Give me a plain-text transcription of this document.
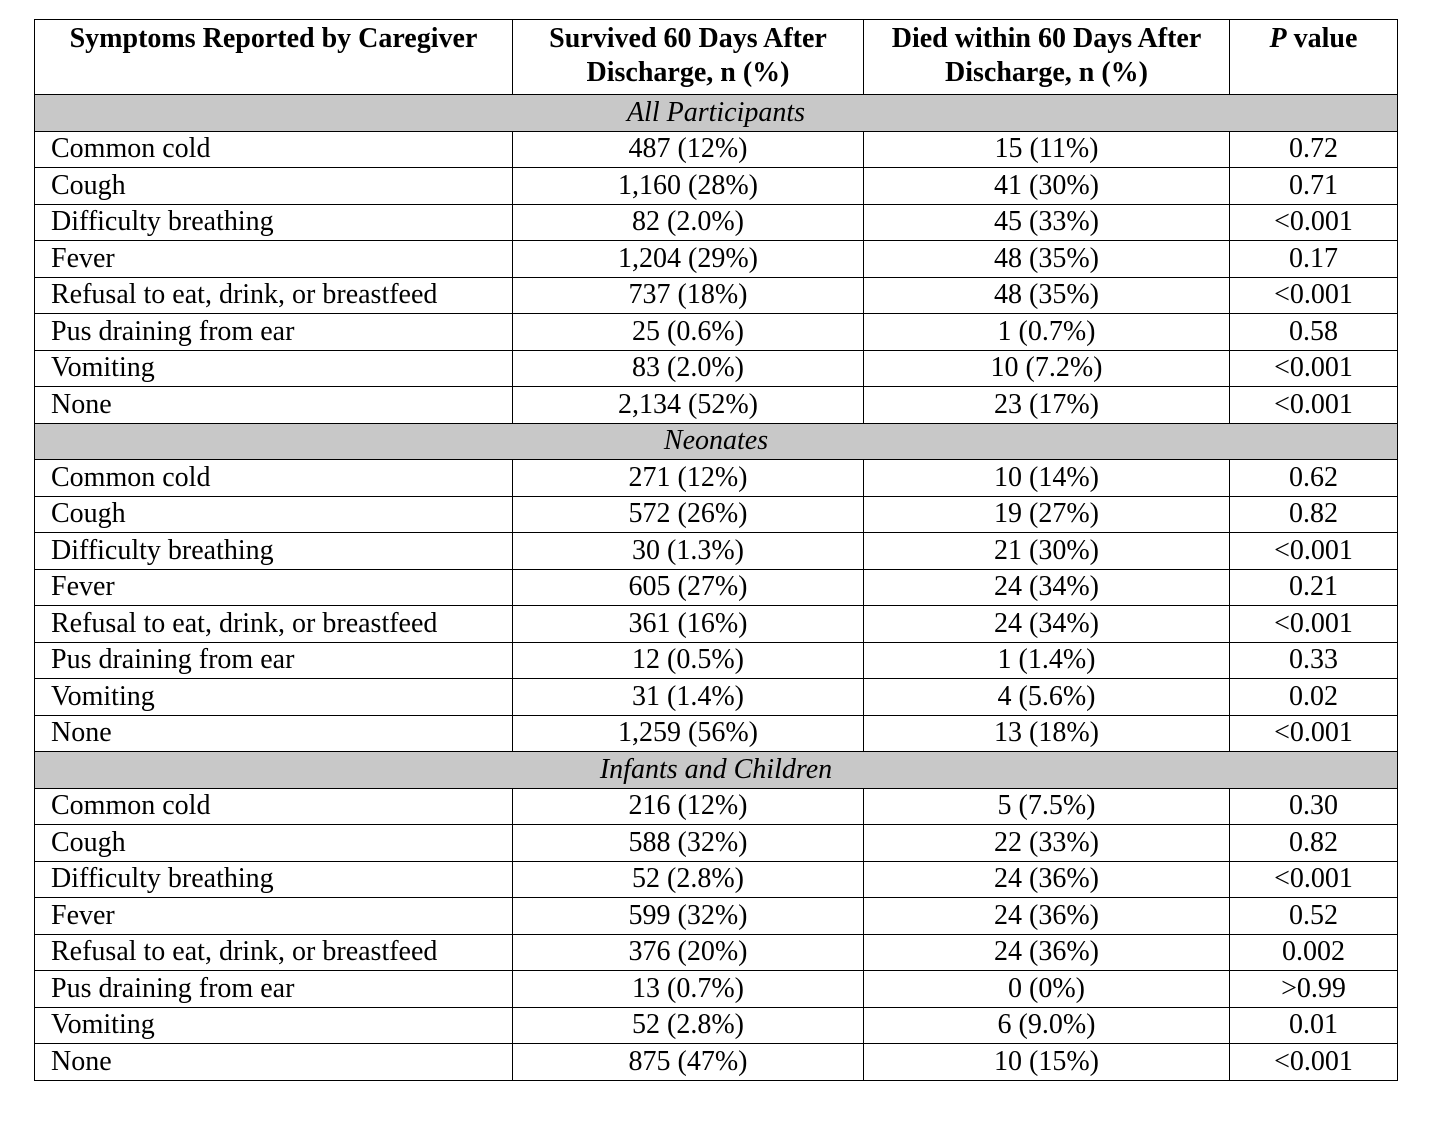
Symptoms Reported by Caregiver	Survived 60 Days After Discharge, n (%)	Died within 60 Days After Discharge, n (%)	P value
All Participants			
Common cold	487 (12%)	15 (11%)	0.72
Cough	1,160 (28%)	41 (30%)	0.71
Difficulty breathing	82 (2.0%)	45 (33%)	<0.001
Fever	1,204 (29%)	48 (35%)	0.17
Refusal to eat, drink, or breastfeed	737 (18%)	48 (35%)	<0.001
Pus draining from ear	25 (0.6%)	1 (0.7%)	0.58
Vomiting	83 (2.0%)	10 (7.2%)	<0.001
None	2,134 (52%)	23 (17%)	<0.001
Neonates			
Common cold	271 (12%)	10 (14%)	0.62
Cough	572 (26%)	19 (27%)	0.82
Difficulty breathing	30 (1.3%)	21 (30%)	<0.001
Fever	605 (27%)	24 (34%)	0.21
Refusal to eat, drink, or breastfeed	361 (16%)	24 (34%)	<0.001
Pus draining from ear	12 (0.5%)	1 (1.4%)	0.33
Vomiting	31 (1.4%)	4 (5.6%)	0.02
None	1,259 (56%)	13 (18%)	<0.001
Infants and Children			
Common cold	216 (12%)	5 (7.5%)	0.30
Cough	588 (32%)	22 (33%)	0.82
Difficulty breathing	52 (2.8%)	24 (36%)	<0.001
Fever	599 (32%)	24 (36%)	0.52
Refusal to eat, drink, or breastfeed	376 (20%)	24 (36%)	0.002
Pus draining from ear	13 (0.7%)	0 (0%)	>0.99
Vomiting	52 (2.8%)	6 (9.0%)	0.01
None	875 (47%)	10 (15%)	<0.001
